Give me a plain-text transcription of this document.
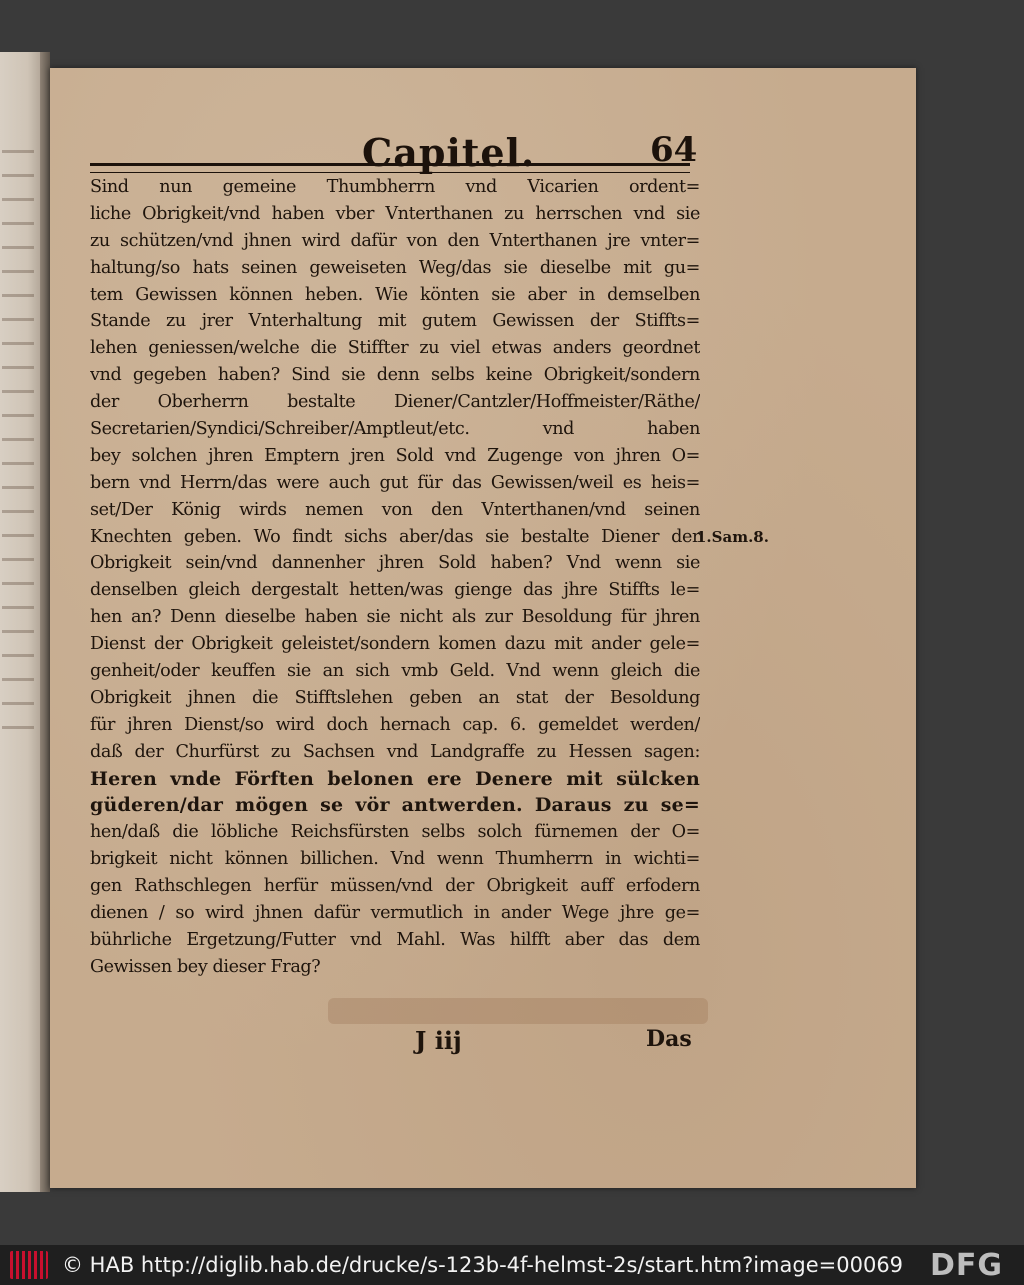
Capitel.	64
Sind nun gemeine Thumbherrn vnd Vicarien ordent=
liche Obrigkeit/vnd haben vber Vnterthanen zu herrschen vnd sie
zu schützen/vnd jhnen wird dafür von den Vnterthanen jre vnter=
haltung/so hats seinen geweiseten Weg/das sie dieselbe mit gu=
tem Gewissen können heben. Wie könten sie aber in demselben
Stande zu jrer Vnterhaltung mit gutem Gewissen der Stiffts=
lehen geniessen/welche die Stiffter zu viel etwas anders geordnet
vnd gegeben haben? Sind sie denn selbs keine Obrigkeit/sondern
der Oberherrn bestalte Diener/Cantzler/Hoffmeister/Räthe/
Secretarien/Syndici/Schreiber/Amptleut/etc. vnd haben
bey solchen jhren Emptern jren Sold vnd Zugenge von jhren O=
bern vnd Herrn/das were auch gut für das Gewissen/weil es heis=
set/Der König wirds nemen von den Vnterthanen/vnd seinen
Knechten geben. Wo findt sichs aber/das sie bestalte Diener der
Obrigkeit sein/vnd dannenher jhren Sold haben? Vnd wenn sie
denselben gleich dergestalt hetten/was gienge das jhre Stiffts le=
hen an? Denn dieselbe haben sie nicht als zur Besoldung für jhren
Dienst der Obrigkeit geleistet/sondern komen dazu mit ander gele=
genheit/oder keuffen sie an sich vmb Geld. Vnd wenn gleich die
Obrigkeit jhnen die Stifftslehen geben an stat der Besoldung
für jhren Dienst/so wird doch hernach cap. 6. gemeldet werden/
daß der Churfürst zu Sachsen vnd Landgraffe zu Hessen sagen:
Heren vnde Förften belonen ere Denere mit sülcken
güderen/dar mögen se vör antwerden. Daraus zu se=
hen/daß die löbliche Reichsfürsten selbs solch fürnemen der O=
brigkeit nicht können billichen. Vnd wenn Thumherrn in wichti=
gen Rathschlegen herfür müssen/vnd der Obrigkeit auff erfodern
dienen / so wird jhnen dafür vermutlich in ander Wege jhre ge=
bührliche Ergetzung/Futter vnd Mahl. Was hilfft aber das dem
Gewissen bey dieser Frag?
1.Sam.8.
J iij	Das
© HAB http://diglib.hab.de/drucke/s-123b-4f-helmst-2s/start.htm?image=00069 DFG
